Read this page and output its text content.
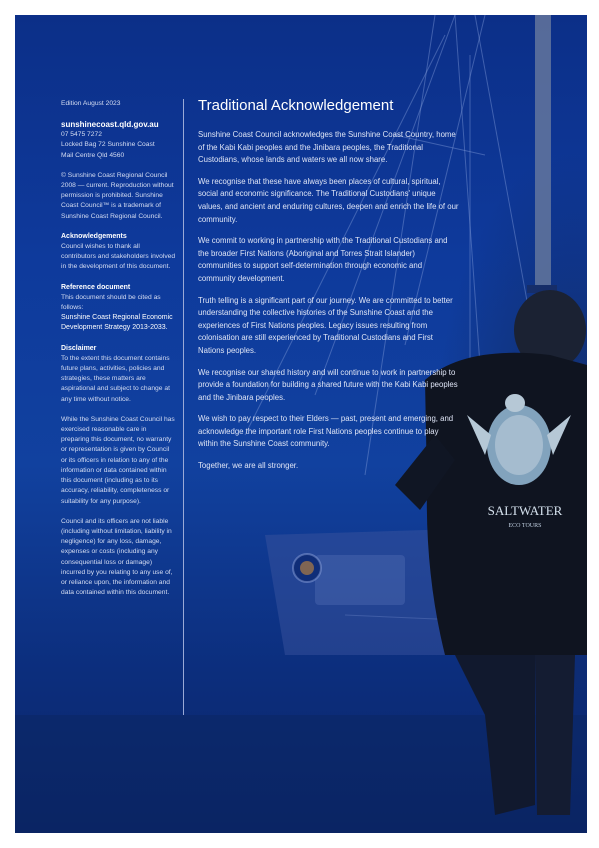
SALTWATER
ECO TOURS

Edition August 2023

sunshinecoast.qld.gov.au
07 5475 7272
Locked Bag 72 Sunshine Coast

Mail Centre Qld 4560

© Sunshine Coast Regional Council 2008 — current. Reproduction without permission is prohibited. Sunshine Coast Council™ is a trademark of Sunshine Coast Regional Council.

Acknowledgements

Council wishes to thank all contributors and stakeholders involved in the development of this document.

Reference document
This document should be cited as follows:

Sunshine Coast Regional Economic Development Strategy 2013-2033.

Disclaimer

To the extent this document contains future plans, activities, policies and strategies, these matters are aspirational and subject to change at any time without notice.

While the Sunshine Coast Council has exercised reasonable care in preparing this document, no warranty or representation is given by Council or its officers in relation to any of the information or data contained within this document (including as to its accuracy, reliability, completeness or suitability for any purpose).

Council and its officers are not liable (including without limitation, liability in negligence) for any loss, damage, expenses or costs (including any consequential loss or damage) incurred by you relating to any use of, or reliance upon, the information and data contained within this document.

Traditional Acknowledgement

Sunshine Coast Council acknowledges the Sunshine Coast Country, home of the Kabi Kabi peoples and the Jinibara peoples, the Traditional Custodians, whose lands and waters we all now share.

We recognise that these have always been places of cultural, spiritual, social and economic significance. The Traditional Custodians' unique values, and ancient and enduring cultures, deepen and enrich the life of our community.

We commit to working in partnership with the Traditional Custodians and the broader First Nations (Aboriginal and Torres Strait Islander) communities to support self-determination through economic and community development.

Truth telling is a significant part of our journey. We are committed to better understanding the collective histories of the Sunshine Coast and the experiences of First Nations peoples. Legacy issues resulting from colonisation are still experienced by Traditional Custodians and First Nations peoples.

We recognise our shared history and will continue to work in partnership to provide a foundation for building a shared future with the Kabi Kabi peoples and the Jinibara peoples.

We wish to pay respect to their Elders — past, present and emerging, and acknowledge the important role First Nations peoples continue to play within the Sunshine Coast community.

Together, we are all stronger.
